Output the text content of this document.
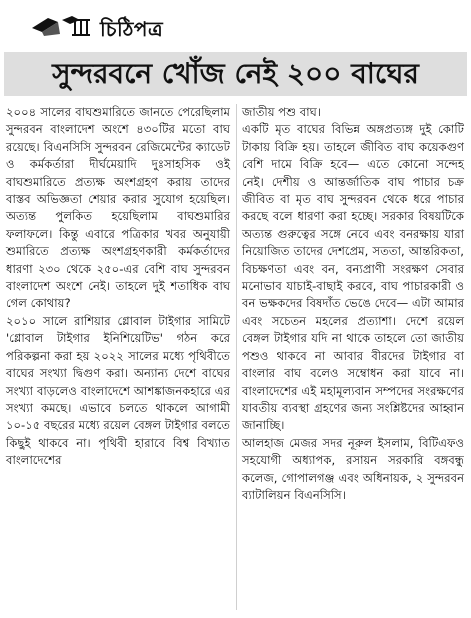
চিঠিপত্র
সুন্দরবনে খোঁজ নেই ২০০ বাঘের

২০০৪ সালের বাঘশুমারিতে জানতে পেরেছিলাম সুন্দরবন বাংলাদেশ অংশে ৪৩০টির মতো বাঘ রয়েছে। বিএনসিসি সুন্দরবন রেজিমেন্টের ক্যাডেট ও কর্মকর্তারা দীর্ঘমেয়াদি দুঃসাহসিক ওই বাঘশুমারিতে প্রত্যক্ষ অংশগ্রহণ করায় তাদের বাস্তব অভিজ্ঞতা শেয়ার করার সুযোগ হয়েছিল। অত্যন্ত পুলকিত হয়েছিলাম বাঘশুমারির ফলাফলে। কিন্তু এবারে পত্রিকার খবর অনুযায়ী শুমারিতে প্রত্যক্ষ অংশগ্রহণকারী কর্মকর্তাদের ধারণা ২৩০ থেকে ২৫০-এর বেশি বাঘ সুন্দরবন বাংলাদেশ অংশে নেই। তাহলে দুই শতাধিক বাঘ গেল কোথায়?

২০১০ সালে রাশিয়ার গ্লোবাল টাইগার সামিটে 'গ্লোবাল টাইগার ইনিশিয়েটিভ' গঠন করে পরিকল্পনা করা হয় ২০২২ সালের মধ্যে পৃথিবীতে বাঘের সংখ্যা দ্বিগুণ করা। অন্যান্য দেশে বাঘের সংখ্যা বাড়লেও বাংলাদেশে আশঙ্কাজনকহারে এর সংখ্যা কমছে। এভাবে চলতে থাকলে আগামী ১০-১৫ বছরের মধ্যে রয়েল বেঙ্গল টাইগার বলতে কিছুই থাকবে না। পৃথিবী হারাবে বিশ্ব বিখ্যাত বাংলাদেশের

জাতীয় পশু বাঘ।

একটি মৃত বাঘের বিভিন্ন অঙ্গপ্রত্যঙ্গ দুই কোটি টাকায় বিক্রি হয়। তাহলে জীবিত বাঘ কয়েকগুণ বেশি দামে বিক্রি হবে— এতে কোনো সন্দেহ নেই। দেশীয় ও আন্তর্জাতিক বাঘ পাচার চক্র জীবিত বা মৃত বাঘ সুন্দরবন থেকে ধরে পাচার করছে বলে ধারণা করা হচ্ছে। সরকার বিষয়টিকে অত্যন্ত গুরুত্বের সঙ্গে নেবে এবং বনরক্ষায় যারা নিয়োজিত তাদের দেশপ্রেম, সততা, আন্তরিকতা, বিচক্ষণতা এবং বন, বন্যপ্রাণী সংরক্ষণ সেবার মনোভাব যাচাই-বাছাই করবে, বাঘ পাচারকারী ও বন ভক্ষকদের বিষদাঁত ভেঙে দেবে— এটা আমার এবং সচেতন মহলের প্রত্যাশা। দেশে রয়েল বেঙ্গল টাইগার যদি না থাকে তাহলে তো জাতীয় পশুও থাকবে না আবার বীরদের টাইগার বা বাংলার বাঘ বলেও সম্বোধন করা যাবে না। বাংলাদেশের এই মহামূল্যবান সম্পদের সংরক্ষণের যাবতীয় ব্যবস্থা গ্রহণের জন্য সংশ্লিষ্টদের আহ্বান জানাচ্ছি।

আলহাজ মেজর সদর নূরুল ইসলাম, বিটিএফও সহযোগী অধ্যাপক, রসায়ন সরকারি বঙ্গবন্ধু কলেজ, গোপালগঞ্জ এবং অধিনায়ক, ২ সুন্দরবন ব্যাটালিয়ন বিএনসিসি।
